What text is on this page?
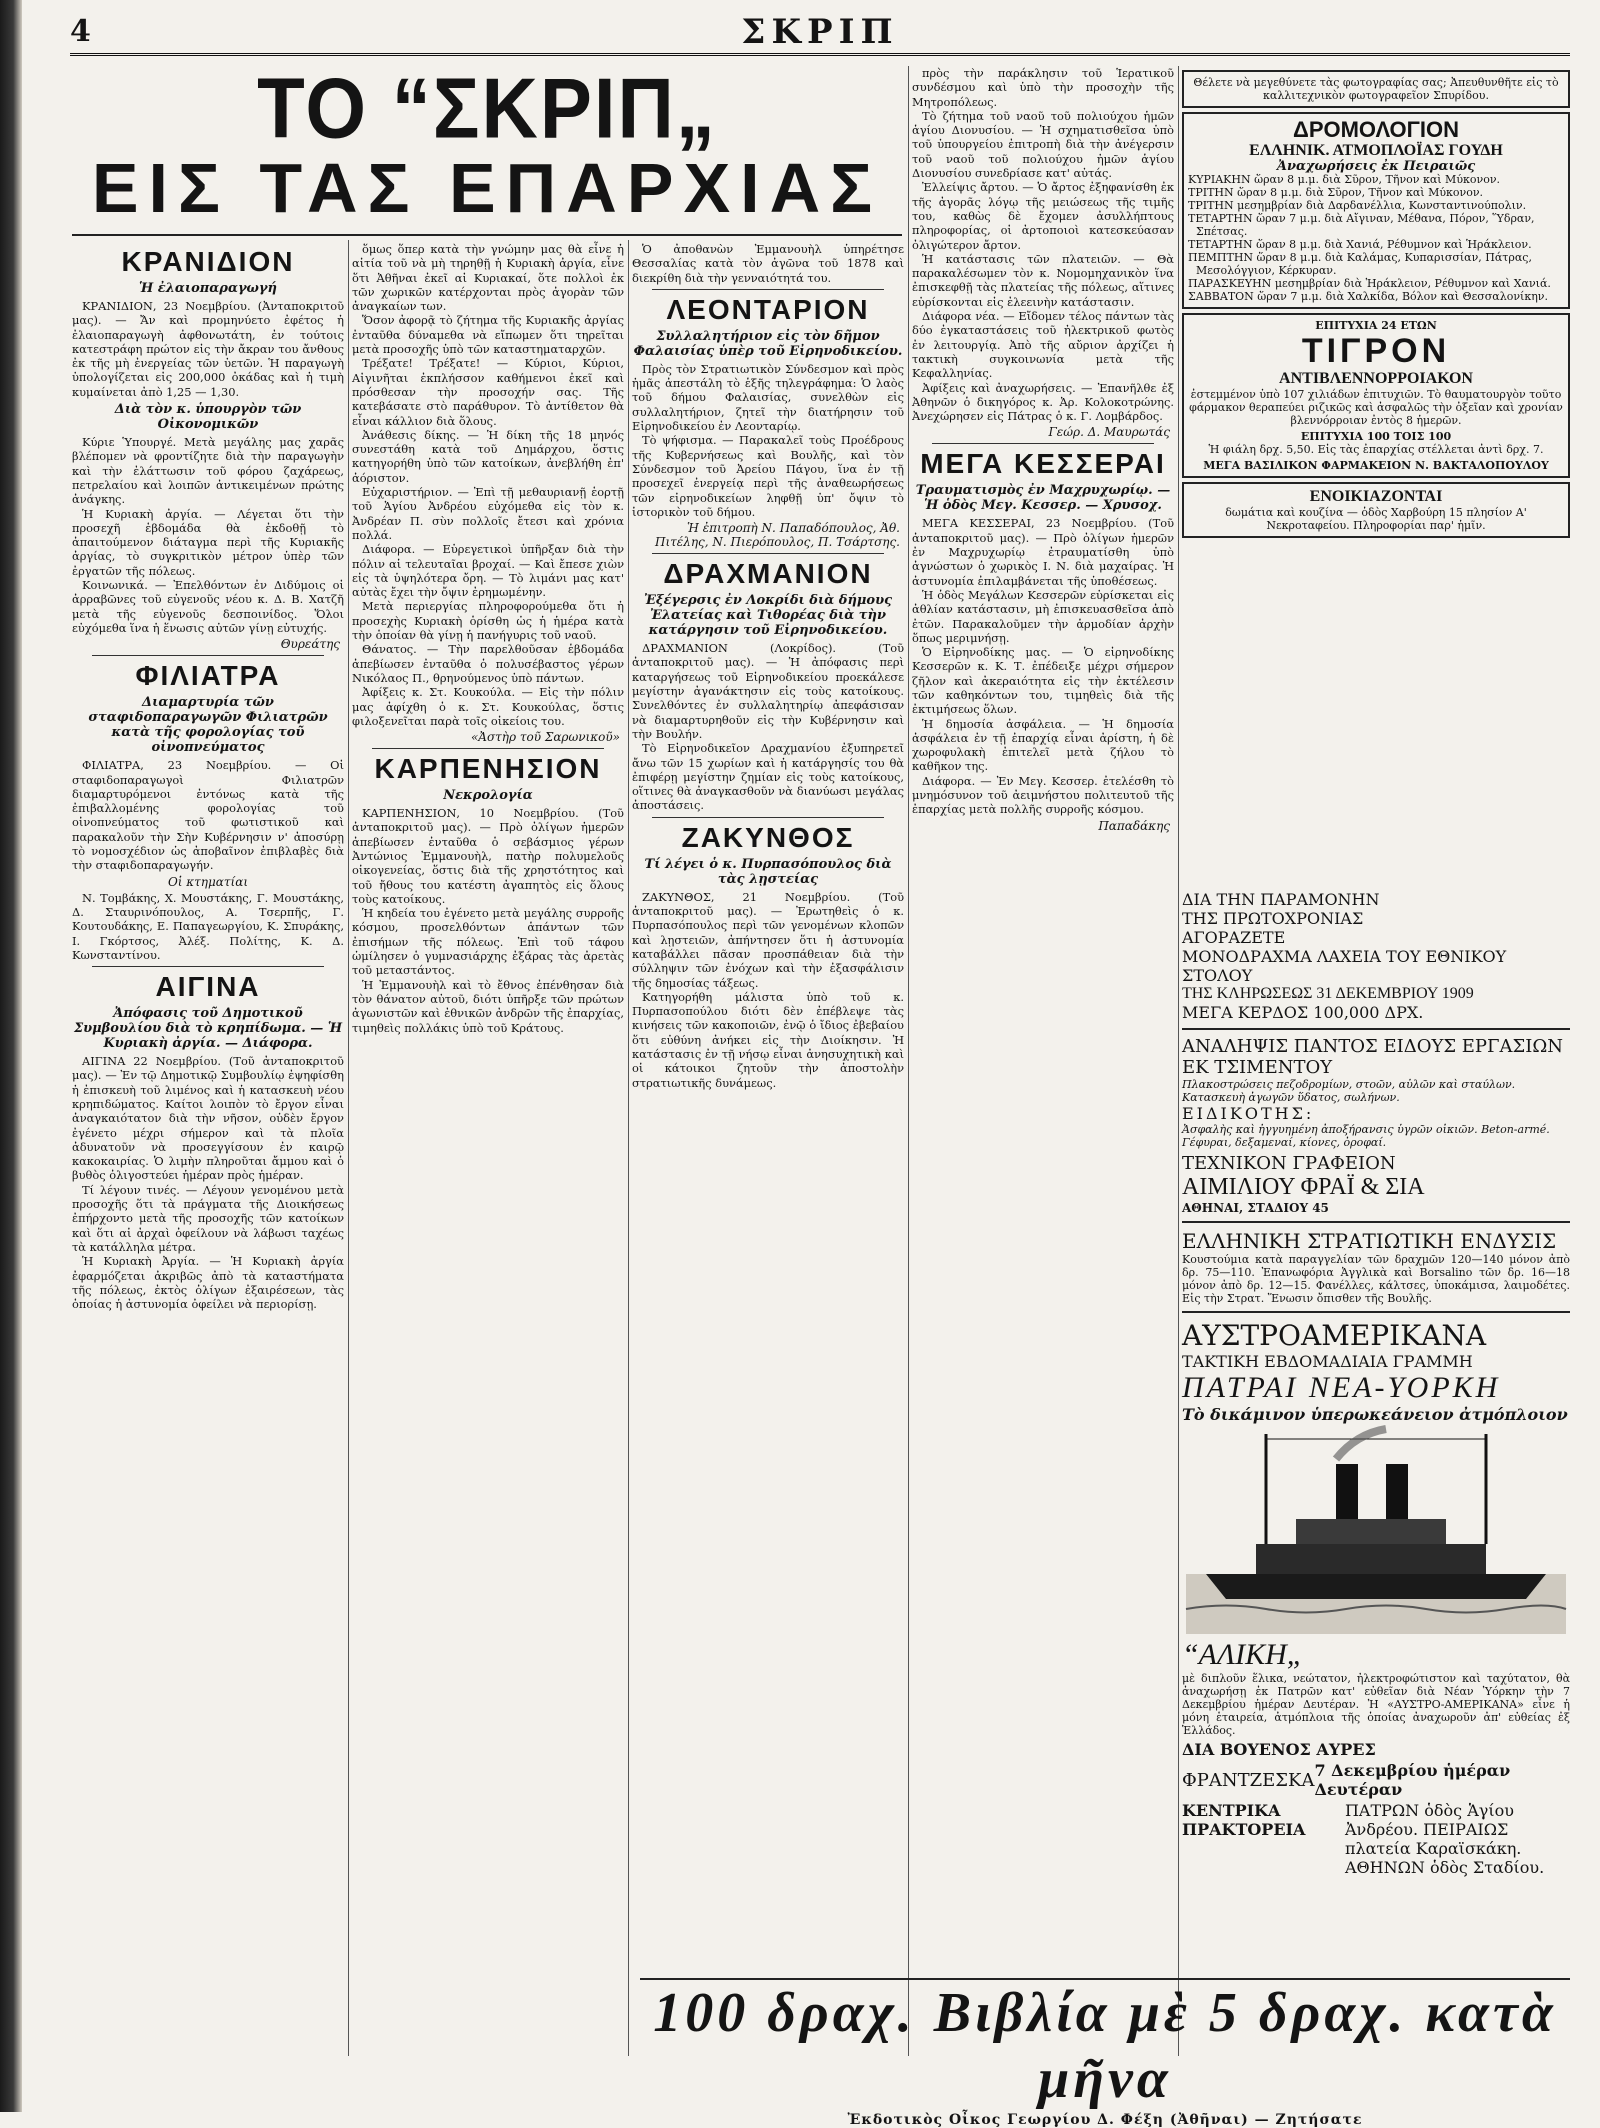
4	ΣΚΡΙΠ
ΤΟ “ΣΚΡΙΠ„
ΕΙΣ ΤΑΣ ΕΠΑΡΧΙΑΣ
ΚΡΑΝΙΔΙΟΝ
Ἡ ἐλαιοπαραγωγή

ΚΡΑΝΙΔΙΟΝ, 23 Νοεμβρίου. (Ἀνταποκριτοῦ μας). — Ἄν καὶ προμηνύετο ἐφέτος ἡ ἐλαιοπαραγωγὴ ἀφθονωτάτη, ἐν τούτοις κατεστράφη πρώτον εἰς τὴν ἄκραν του ἄνθους ἐκ τῆς μὴ ἐνεργείας τῶν ὑετῶν. Ἡ παραγωγὴ ὑπολογίζεται εἰς 200,000 ὀκάδας καὶ ἡ τιμὴ κυμαίνεται ἀπὸ 1,25 — 1,30.

Διὰ τὸν κ. ὑπουργὸν τῶν Οἰκονομικῶν

Κύριε Ὑπουργέ. Μετὰ μεγάλης μας χαρᾶς βλέπομεν νὰ φροντίζητε διὰ τὴν παραγωγὴν καὶ τὴν ἐλάττωσιν τοῦ φόρου ζαχάρεως, πετρελαίου καὶ λοιπῶν ἀντικειμένων πρώτης ἀνάγκης.

Ἡ Κυριακὴ ἀργία. — Λέγεται ὅτι τὴν προσεχῆ ἑβδομάδα θὰ ἐκδοθῇ τὸ ἀπαιτούμενον διάταγμα περὶ τῆς Κυριακῆς ἀργίας, τὸ συγκριτικὸν μέτρον ὑπὲρ τῶν ἐργατῶν τῆς πόλεως.

Κοινωνικά. — Ἐπελθόντων ἐν Διδύμοις οἱ ἀρραβῶνες τοῦ εὐγενοῦς νέου κ. Δ. Β. Χατζῆ μετὰ τῆς εὐγενοῦς δεσποινίδος. Ὅλοι εὐχόμεθα ἵνα ἡ ἕνωσις αὐτῶν γίνῃ εὐτυχής.

Θυρεάτης

ΦΙΛΙΑΤΡΑ
Διαμαρτυρία τῶν σταφιδοπαραγωγῶν Φιλιατρῶν κατὰ τῆς φορολογίας τοῦ οἰνοπνεύματος

ΦΙΛΙΑΤΡΑ, 23 Νοεμβρίου. — Οἱ σταφιδοπαραγωγοὶ Φιλιατρῶν διαμαρτυρόμενοι ἐντόνως κατὰ τῆς ἐπιβαλλομένης φορολογίας τοῦ οἰνοπνεύματος τοῦ φωτιστικοῦ καὶ παρακαλοῦν τὴν Σὴν Κυβέρνησιν ν' ἀποσύρῃ τὸ νομοσχέδιον ὡς ἀποβαῖνον ἐπιβλαβὲς διὰ τὴν σταφιδοπαραγωγήν.

Οἱ κτηματίαι

Ν. Τομβάκης, Χ. Μουστάκης, Γ. Μουστάκης, Δ. Σταυρινόπουλος, Α. Τσερπῆς, Γ. Κουτουδάκης, Ε. Παπαγεωργίου, Κ. Σπυράκης, Ι. Γκόρτσος, Ἀλέξ. Πολίτης, Κ. Δ. Κωνσταντίνου.

ΑΙΓΙΝΑ
Ἀπόφασις τοῦ Δημοτικοῦ Συμβουλίου διὰ τὸ κρηπίδωμα. — Ἡ Κυριακὴ ἀργία. — Διάφορα.

ΑΙΓΙΝΑ 22 Νοεμβρίου. (Τοῦ ἀνταποκριτοῦ μας). — Ἐν τῷ Δημοτικῷ Συμβουλίῳ ἐψηφίσθη ἡ ἐπισκευὴ τοῦ λιμένος καὶ ἡ κατασκευὴ νέου κρηπιδώματος. Καίτοι λοιπὸν τὸ ἔργον εἶναι ἀναγκαιότατον διὰ τὴν νῆσον, οὐδὲν ἔργον ἐγένετο μέχρι σήμερον καὶ τὰ πλοῖα ἀδυνατοῦν νὰ προσεγγίσουν ἐν καιρῷ κακοκαιρίας. Ὁ λιμὴν πληροῦται ἄμμου καὶ ὁ βυθὸς ὀλιγοστεύει ἡμέραν πρὸς ἡμέραν.

Τί λέγουν τινές. — Λέγουν γενομένου μετὰ προσοχῆς ὅτι τὰ πράγματα τῆς Διοικήσεως ἐπήρχοντο μετὰ τῆς προσοχῆς τῶν κατοίκων καὶ ὅτι αἱ ἀρχαὶ ὀφείλουν νὰ λάβωσι ταχέως τὰ κατάλληλα μέτρα.

Ἡ Κυριακὴ Ἀργία. — Ἡ Κυριακὴ ἀργία ἐφαρμόζεται ἀκριβῶς ἀπὸ τὰ καταστήματα τῆς πόλεως, ἐκτὸς ὀλίγων ἐξαιρέσεων, τὰς ὁποίας ἡ ἀστυνομία ὀφείλει νὰ περιορίσῃ.

ὅμως ὅπερ κατὰ τὴν γνώμην μας θὰ εἶνε ἡ αἰτία τοῦ νὰ μὴ τηρηθῇ ἡ Κυριακὴ ἀργία, εἶνε ὅτι Ἀθῆναι ἐκεῖ αἱ Κυριακαί, ὅτε πολλοὶ ἐκ τῶν χωρικῶν κατέρχονται πρὸς ἀγορὰν τῶν ἀναγκαίων των.

Ὅσον ἀφορᾷ τὸ ζήτημα τῆς Κυριακῆς ἀργίας ἐνταῦθα δύναμεθα νὰ εἴπωμεν ὅτι τηρεῖται μετὰ προσοχῆς ὑπὸ τῶν καταστηματαρχῶν.

Τρέξατε! Τρέξατε! — Κύριοι, Κύριοι, Αἰγινῆται ἐκπλήσσον καθήμενοι ἐκεῖ καὶ πρόσθεσαν τὴν προσοχήν σας. Τῆς κατεβάσατε στὸ παράθυρον. Τὸ ἀντίθετον θὰ εἶναι κάλλιον διὰ ὅλους.

Ἀνάθεσις δίκης. — Ἡ δίκη τῆς 18 μηνός συνεστάθη κατὰ τοῦ Δημάρχου, ὅστις κατηγορήθη ὑπὸ τῶν κατοίκων, ἀνεβλήθη ἐπ' ἀόριστον.

Εὐχαριστήριον. — Ἐπὶ τῇ μεθαυριανῇ ἑορτῇ τοῦ Ἁγίου Ἀνδρέου εὐχόμεθα εἰς τὸν κ. Ἀνδρέαν Π. σὺν πολλοῖς ἔτεσι καὶ χρόνια πολλά.

Διάφορα. — Εὑρεγετικοὶ ὑπῆρξαν διὰ τὴν πόλιν αἱ τελευταῖαι βροχαί. — Καὶ ἔπεσε χιὼν εἰς τὰ ὑψηλότερα ὄρη. — Τὸ λιμάνι μας κατ' αὐτὰς ἔχει τὴν ὄψιν ἐρημωμένην.

Μετὰ περιεργίας πληροφορούμεθα ὅτι ἡ προσεχὴς Κυριακὴ ὁρίσθη ὡς ἡ ἡμέρα κατὰ τὴν ὁποίαν θὰ γίνῃ ἡ πανήγυρις τοῦ ναοῦ.

Θάνατος. — Τὴν παρελθοῦσαν ἑβδομάδα ἀπεβίωσεν ἐνταῦθα ὁ πολυσέβαστος γέρων Νικόλαος Π., θρηνούμενος ὑπὸ πάντων.

Ἀφίξεις κ. Στ. Κουκούλα. — Εἰς τὴν πόλιν μας ἀφίχθη ὁ κ. Στ. Κουκούλας, ὅστις φιλοξενεῖται παρὰ τοῖς οἰκείοις του.

«Ἀστὴρ τοῦ Σαρωνικοῦ»

ΚΑΡΠΕΝΗΣΙΟΝ
Νεκρολογία

ΚΑΡΠΕΝΗΣΙΟΝ, 10 Νοεμβρίου. (Τοῦ ἀνταποκριτοῦ μας). — Πρὸ ὀλίγων ἡμερῶν ἀπεβίωσεν ἐνταῦθα ὁ σεβάσμιος γέρων Ἀντώνιος Ἐμμανουὴλ, πατὴρ πολυμελοῦς οἰκογενείας, ὅστις διὰ τῆς χρηστότητος καὶ τοῦ ἤθους του κατέστη ἀγαπητὸς εἰς ὅλους τοὺς κατοίκους.

Ἡ κηδεία του ἐγένετο μετὰ μεγάλης συρροῆς κόσμου, προσελθόντων ἁπάντων τῶν ἐπισήμων τῆς πόλεως. Ἐπὶ τοῦ τάφου ὡμίλησεν ὁ γυμνασιάρχης ἐξάρας τὰς ἀρετὰς τοῦ μεταστάντος.

Ἡ Ἐμμανουὴλ καὶ τὸ ἔθνος ἐπένθησαν διὰ τὸν θάνατον αὐτοῦ, διότι ὑπῆρξε τῶν πρώτων ἀγωνιστῶν καὶ ἐθνικῶν ἀνδρῶν τῆς ἐπαρχίας, τιμηθεὶς πολλάκις ὑπὸ τοῦ Κράτους.

Ὁ ἀποθανὼν Ἐμμανουὴλ ὑπηρέτησε Θεσσαλίας κατὰ τὸν ἀγῶνα τοῦ 1878 καὶ διεκρίθη διὰ τὴν γενναιότητά του.

ΛΕΟΝΤΑΡΙΟΝ
Συλλαλητήριον εἰς τὸν δῆμον Φαλαισίας ὑπὲρ τοῦ Εἰρηνοδικείου.

Πρὸς τὸν Στρατιωτικὸν Σύνδεσμον καὶ πρὸς ἡμᾶς ἀπεστάλη τὸ ἑξῆς τηλεγράφημα: Ὁ λαὸς τοῦ δήμου Φαλαισίας, συνελθὼν εἰς συλλαλητήριον, ζητεῖ τὴν διατήρησιν τοῦ Εἰρηνοδικείου ἐν Λεονταρίῳ.

Τὸ ψήφισμα. — Παρακαλεῖ τοὺς Προέδρους τῆς Κυβερνήσεως καὶ Βουλῆς, καὶ τὸν Σύνδεσμον τοῦ Ἀρείου Πάγου, ἵνα ἐν τῇ προσεχεῖ ἐνεργείᾳ περὶ τῆς ἀναθεωρήσεως τῶν εἰρηνοδικείων ληφθῇ ὑπ' ὄψιν τὸ ἱστορικὸν τοῦ δήμου.

Ἡ ἐπιτροπὴ Ν. Παπαδόπουλος, Ἀθ. Πιτέλης, Ν. Πιερόπουλος, Π. Τσάρτσης.

ΔΡΑΧΜΑΝΙΟΝ
Ἐξέγερσις ἐν Λοκρίδι διὰ δήμους Ἐλατείας καὶ Τιθορέας διὰ τὴν κατάργησιν τοῦ Εἰρηνοδικείου.

ΔΡΑΧΜΑΝΙΟΝ (Λοκρίδος). (Τοῦ ἀνταποκριτοῦ μας). — Ἡ ἀπόφασις περὶ καταργήσεως τοῦ Εἰρηνοδικείου προεκάλεσε μεγίστην ἀγανάκτησιν εἰς τοὺς κατοίκους. Συνελθόντες ἐν συλλαλητηρίῳ ἀπεφάσισαν νὰ διαμαρτυρηθοῦν εἰς τὴν Κυβέρνησιν καὶ τὴν Βουλήν.

Τὸ Εἰρηνοδικεῖον Δραχμανίου ἐξυπηρετεῖ ἄνω τῶν 15 χωρίων καὶ ἡ κατάργησίς του θὰ ἐπιφέρῃ μεγίστην ζημίαν εἰς τοὺς κατοίκους, οἵτινες θὰ ἀναγκασθοῦν νὰ διανύωσι μεγάλας ἀποστάσεις.

ΖΑΚΥΝΘΟΣ
Τί λέγει ὁ κ. Πυρπασόπουλος διὰ τὰς λῃστείας

ΖΑΚΥΝΘΟΣ, 21 Νοεμβρίου. (Τοῦ ἀνταποκριτοῦ μας). — Ἐρωτηθεὶς ὁ κ. Πυρπασόπουλος περὶ τῶν γενομένων κλοπῶν καὶ λῃστειῶν, ἀπήντησεν ὅτι ἡ ἀστυνομία καταβάλλει πᾶσαν προσπάθειαν διὰ τὴν σύλληψιν τῶν ἐνόχων καὶ τὴν ἐξασφάλισιν τῆς δημοσίας τάξεως.

Κατηγορήθη μάλιστα ὑπὸ τοῦ κ. Πυρπασοπούλου διότι δὲν ἐπέβλεψε τὰς κινήσεις τῶν κακοποιῶν, ἐνῷ ὁ ἴδιος ἐβεβαίου ὅτι εὐθύνη ἀνήκει εἰς τὴν Διοίκησιν. Ἡ κατάστασις ἐν τῇ νήσῳ εἶναι ἀνησυχητικὴ καὶ οἱ κάτοικοι ζητοῦν τὴν ἀποστολὴν στρατιωτικῆς δυνάμεως.

πρὸς τὴν παράκλησιν τοῦ Ἱερατικοῦ συνδέσμου καὶ ὑπὸ τὴν προσοχὴν τῆς Μητροπόλεως.

Τὸ ζήτημα τοῦ ναοῦ τοῦ πολιούχου ἡμῶν ἁγίου Διονυσίου. — Ἡ σχηματισθεῖσα ὑπὸ τοῦ ὑπουργείου ἐπιτροπὴ διὰ τὴν ἀνέγερσιν τοῦ ναοῦ τοῦ πολιούχου ἡμῶν ἁγίου Διονυσίου συνεδρίασε κατ' αὐτάς.

Ἐλλείψις ἄρτου. — Ὁ ἄρτος ἐξηφανίσθη ἐκ τῆς ἀγορᾶς λόγῳ τῆς μειώσεως τῆς τιμῆς του, καθὼς δὲ ἔχομεν ἀσυλλήπτους πληροφορίας, οἱ ἀρτοποιοὶ κατεσκεύασαν ὀλιγώτερον ἄρτον.

Ἡ κατάστασις τῶν πλατειῶν. — Θὰ παρακαλέσωμεν τὸν κ. Νομομηχανικὸν ἵνα ἐπισκεφθῇ τὰς πλατείας τῆς πόλεως, αἵτινες εὑρίσκονται εἰς ἐλεεινὴν κατάστασιν.

Διάφορα νέα. — Εἴδομεν τέλος πάντων τὰς δύο ἐγκαταστάσεις τοῦ ἠλεκτρικοῦ φωτὸς ἐν λειτουργίᾳ. Ἀπὸ τῆς αὔριον ἀρχίζει ἡ τακτικὴ συγκοινωνία μετὰ τῆς Κεφαλληνίας.

Ἀφίξεις καὶ ἀναχωρήσεις. — Ἐπανῆλθε ἐξ Ἀθηνῶν ὁ δικηγόρος κ. Ἀρ. Κολοκοτρώνης. Ἀνεχώρησεν εἰς Πάτρας ὁ κ. Γ. Λομβάρδος.

Γεώρ. Δ. Μαυρωτάς

ΜΕΓΑ ΚΕΣΣΕΡΑΙ
Τραυματισμὸς ἐν Μαχρυχωρίῳ. — Ἡ ὁδὸς Μεγ. Κεσσερ. — Χρυσοχ.

ΜΕΓΑ ΚΕΣΣΕΡΑΙ, 23 Νοεμβρίου. (Τοῦ ἀνταποκριτοῦ μας). — Πρὸ ὀλίγων ἡμερῶν ἐν Μαχρυχωρίῳ ἐτραυματίσθη ὑπὸ ἀγνώστων ὁ χωρικὸς Ι. Ν. διὰ μαχαίρας. Ἡ ἀστυνομία ἐπιλαμβάνεται τῆς ὑποθέσεως.

Ἡ ὁδὸς Μεγάλων Κεσσερῶν εὑρίσκεται εἰς ἀθλίαν κατάστασιν, μὴ ἐπισκευασθεῖσα ἀπὸ ἐτῶν. Παρακαλοῦμεν τὴν ἁρμοδίαν ἀρχὴν ὅπως μεριμνήσῃ.

Ὁ Εἰρηνοδίκης μας. — Ὁ εἰρηνοδίκης Κεσσερῶν κ. Κ. Τ. ἐπέδειξε μέχρι σήμερον ζῆλον καὶ ἀκεραιότητα εἰς τὴν ἐκτέλεσιν τῶν καθηκόντων του, τιμηθεὶς διὰ τῆς ἐκτιμήσεως ὅλων.

Ἡ δημοσία ἀσφάλεια. — Ἡ δημοσία ἀσφάλεια ἐν τῇ ἐπαρχίᾳ εἶναι ἀρίστη, ἡ δὲ χωροφυλακὴ ἐπιτελεῖ μετὰ ζήλου τὸ καθῆκον της.

Διάφορα. — Ἐν Μεγ. Κεσσερ. ἐτελέσθη τὸ μνημόσυνον τοῦ ἀειμνήστου πολιτευτοῦ τῆς ἐπαρχίας μετὰ πολλῆς συρροῆς κόσμου.

Παπαδάκης

Θέλετε νὰ μεγεθύνετε τὰς φωτογραφίας σας; Ἀπευθυνθῆτε εἰς τὸ καλλιτεχνικὸν φωτογραφεῖον Σπυρίδου.
ΔΡΟΜΟΛΟΓΙΟΝ
ΕΛΛΗΝΙΚ. ΑΤΜΟΠΛΟΪΑΣ ΓΟΥΔΗ
Ἀναχωρήσεις ἐκ Πειραιῶς
ΚΥΡΙΑΚΗΝ ὥραν 8 μ.μ. διὰ Σῦρον, Τῆνον καὶ Μύκονον.
ΤΡΙΤΗΝ ὥραν 8 μ.μ. διὰ Σῦρον, Τῆνον καὶ Μύκονον.
ΤΡΙΤΗΝ μεσημβρίαν διὰ Δαρδανέλλια, Κωνσταντινούπολιν.
ΤΕΤΑΡΤΗΝ ὥραν 7 μ.μ. διὰ Αἴγιναν, Μέθανα, Πόρον, Ὕδραν, Σπέτσας.
ΤΕΤΑΡΤΗΝ ὥραν 8 μ.μ. διὰ Χανιά, Ρέθυμνον καὶ Ἡράκλειον.
ΠΕΜΠΤΗΝ ὥραν 8 μ.μ. διὰ Καλάμας, Κυπαρισσίαν, Πάτρας, Μεσολόγγιον, Κέρκυραν.
ΠΑΡΑΣΚΕΥΗΝ μεσημβρίαν διὰ Ἡράκλειον, Ρέθυμνον καὶ Χανιά.
ΣΑΒΒΑΤΟΝ ὥραν 7 μ.μ. διὰ Χαλκίδα, Βόλον καὶ Θεσσαλονίκην.
ΕΠΙΤΥΧΙΑ 24 ΕΤΩΝ
ΤΙΓΡΟΝ
ΑΝΤΙΒΛΕΝΝΟΡΡΟΙΑΚΟΝ
ἐστεμμένον ὑπὸ 107 χιλιάδων ἐπιτυχιῶν. Τὸ θαυματουργὸν τοῦτο φάρμακον θεραπεύει ριζικῶς καὶ ἀσφαλῶς τὴν ὀξεῖαν καὶ χρονίαν βλεννόρροιαν ἐντὸς 8 ἡμερῶν.
ΕΠΙΤΥΧΙΑ 100 ΤΟΙΣ 100
Ἡ φιάλη δρχ. 5,50. Εἰς τὰς ἐπαρχίας στέλλεται ἀντὶ δρχ. 7.
ΜΕΓΑ ΒΑΣΙΛΙΚΟΝ ΦΑΡΜΑΚΕΙΟΝ Ν. ΒΑΚΤΑΛΟΠΟΥΛΟΥ
ΕΝΟΙΚΙΑΖΟΝΤΑΙ
δωμάτια καὶ κουζίνα — ὁδὸς Χαρβούρη 15 πλησίον Α' Νεκροταφείου. Πληροφορίαι παρ' ἡμῖν.
ΔΙΑ ΤΗΝ ΠΑΡΑΜΟΝΗΝ
ΤΗΣ ΠΡΩΤΟΧΡΟΝΙΑΣ
ΑΓΟΡΑΖΕΤΕ
ΜΟΝΟΔΡΑΧΜΑ ΛΑΧΕΙΑ ΤΟΥ ΕΘΝΙΚΟΥ ΣΤΟΛΟΥ
ΤΗΣ ΚΛΗΡΩΣΕΩΣ 31 ΔΕΚΕΜΒΡΙΟΥ 1909
ΜΕΓΑ ΚΕΡΔΟΣ 100,000 ΔΡΧ.
ΑΝΑΛΗΨΙΣ ΠΑΝΤΟΣ ΕΙΔΟΥΣ ΕΡΓΑΣΙΩΝ ΕΚ ΤΣΙΜΕΝΤΟΥ
Πλακοστρώσεις πεζοδρομίων, στοῶν, αὐλῶν καὶ σταύλων. Κατασκευὴ ἀγωγῶν ὕδατος, σωλήνων.
ΕΙΔΙΚΟΤΗΣ:
Ἀσφαλὴς καὶ ἠγγυημένη ἀποξήρανσις ὑγρῶν οἰκιῶν. Beton-armé. Γέφυραι, δεξαμεναί, κίονες, ὀροφαί.
ΤΕΧΝΙΚΟΝ ΓΡΑΦΕΙΟΝ
ΑΙΜΙΛΙΟΥ ΦΡΑΪ & ΣΙΑ
ΑΘΗΝΑΙ, ΣΤΑΔΙΟΥ 45
ΕΛΛΗΝΙΚΗ ΣΤΡΑΤΙΩΤΙΚΗ ΕΝΔΥΣΙΣ
Κουστούμια κατὰ παραγγελίαν τῶν δραχμῶν 120—140 μόνον ἀπὸ δρ. 75—110. Ἐπανωφόρια Ἀγγλικὰ καὶ Borsalino τῶν δρ. 16—18 μόνον ἀπὸ δρ. 12—15. Φανέλλες, κάλτσες, ὑποκάμισα, λαιμοδέτες. Εἰς τὴν Στρατ. Ἕνωσιν ὄπισθεν τῆς Βουλῆς.
ΑΥΣΤΡΟΑΜΕΡΙΚΑΝΑ
ΤΑΚΤΙΚΗ ΕΒΔΟΜΑΔΙΑΙΑ ΓΡΑΜΜΗ
ΠΑΤΡΑΙ ΝΕΑ-ΥΟΡΚΗ
Τὸ δικάμινον ὑπερωκεάνειον ἀτμόπλοιον
“ΑΛΙΚΗ„
μὲ διπλοῦν ἕλικα, νεώτατον, ἠλεκτροφώτιστον καὶ ταχύτατον, θὰ ἀναχωρήσῃ ἐκ Πατρῶν κατ' εὐθεῖαν διὰ Νέαν Ὑόρκην τὴν 7 Δεκεμβρίου ἡμέραν Δευτέραν. Ἡ «ΑΥΣΤΡΟ-ΑΜΕΡΙΚΑΝΑ» εἶνε ἡ μόνη ἑταιρεία, ἀτμόπλοια τῆς ὁποίας ἀναχωροῦν ἀπ' εὐθείας ἐξ Ἑλλάδος.
ΔΙΑ ΒΟΥΕΝΟΣ ΑΥΡΕΣ
ΦΡΑΝΤΖΕΣΚΑ 7 Δεκεμβρίου ἡμέραν Δευτέραν
ΚΕΝΤΡΙΚΑ ΠΡΑΚΤΟΡΕΙΑ
ΠΑΤΡΩΝ ὁδὸς Ἁγίου Ἀνδρέου. ΠΕΙΡΑΙΩΣ πλατεία Καραϊσκάκη. ΑΘΗΝΩΝ ὁδὸς Σταδίου.
100 δραχ. Βιβλία μὲ 5 δραχ. κατὰ μῆνα
Ἐκδοτικὸς Οἶκος Γεωργίου Δ. Φέξη (Ἀθῆναι) — Ζητήσατε
